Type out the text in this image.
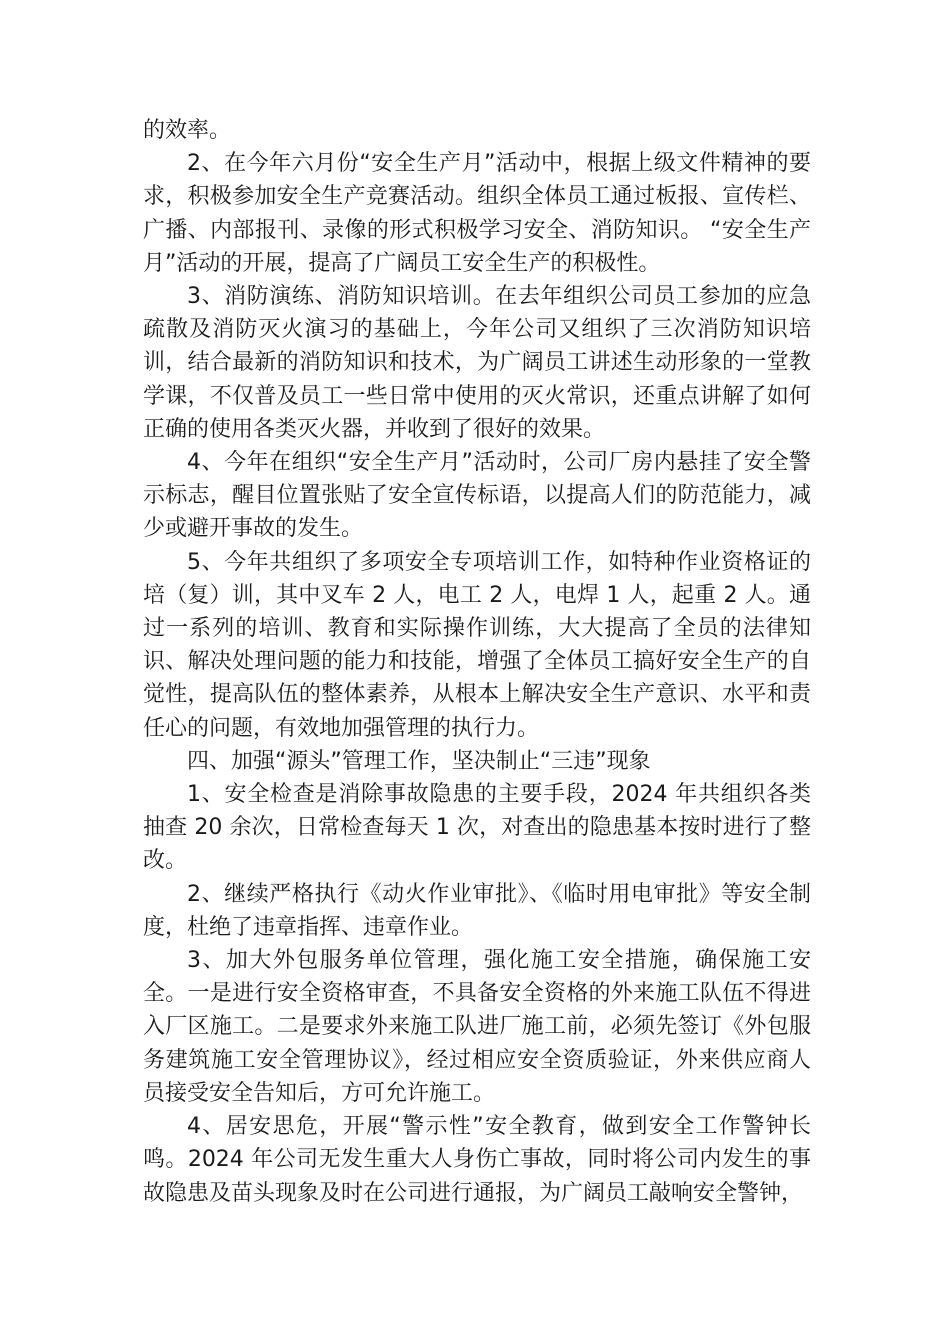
的效率。

2、在今年六月份“安全生产月”活动中，根据上级文件精神的要求，积极参加安全生产竞赛活动。组织全体员工通过板报、宣传栏、广播、内部报刊、录像的形式积极学习安全、消防知识。 “安全生产月”活动的开展，提高了广阔员工安全生产的积极性。

3、消防演练、消防知识培训。在去年组织公司员工参加的应急疏散及消防灭火演习的基础上，今年公司又组织了三次消防知识培训，结合最新的消防知识和技术，为广阔员工讲述生动形象的一堂教学课，不仅普及员工一些日常中使用的灭火常识，还重点讲解了如何正确的使用各类灭火器，并收到了很好的效果。

4、今年在组织“安全生产月”活动时，公司厂房内悬挂了安全警示标志，醒目位置张贴了安全宣传标语，以提高人们的防范能力，减少或避开事故的发生。

5、今年共组织了多项安全专项培训工作，如特种作业资格证的培（复）训，其中叉车 2 人，电工 2 人，电焊 1 人，起重 2 人。通过一系列的培训、教育和实际操作训练，大大提高了全员的法律知识、解决处理问题的能力和技能，增强了全体员工搞好安全生产的自觉性，提高队伍的整体素养，从根本上解决安全生产意识、水平和责任心的问题，有效地加强管理的执行力。

四、加强“源头”管理工作，坚决制止“三违”现象

1、安全检查是消除事故隐患的主要手段，2024 年共组织各类抽查 20 余次，日常检查每天 1 次，对查出的隐患基本按时进行了整改。

2、继续严格执行《动火作业审批》、《临时用电审批》等安全制度，杜绝了违章指挥、违章作业。

3、加大外包服务单位管理，强化施工安全措施，确保施工安全。一是进行安全资格审查，不具备安全资格的外来施工队伍不得进入厂区施工。二是要求外来施工队进厂施工前，必须先签订《外包服务建筑施工安全管理协议》，经过相应安全资质验证，外来供应商人员接受安全告知后，方可允许施工。

4、居安思危，开展“警示性”安全教育，做到安全工作警钟长鸣。2024 年公司无发生重大人身伤亡事故，同时将公司内发生的事故隐患及苗头现象及时在公司进行通报，为广阔员工敲响安全警钟，
